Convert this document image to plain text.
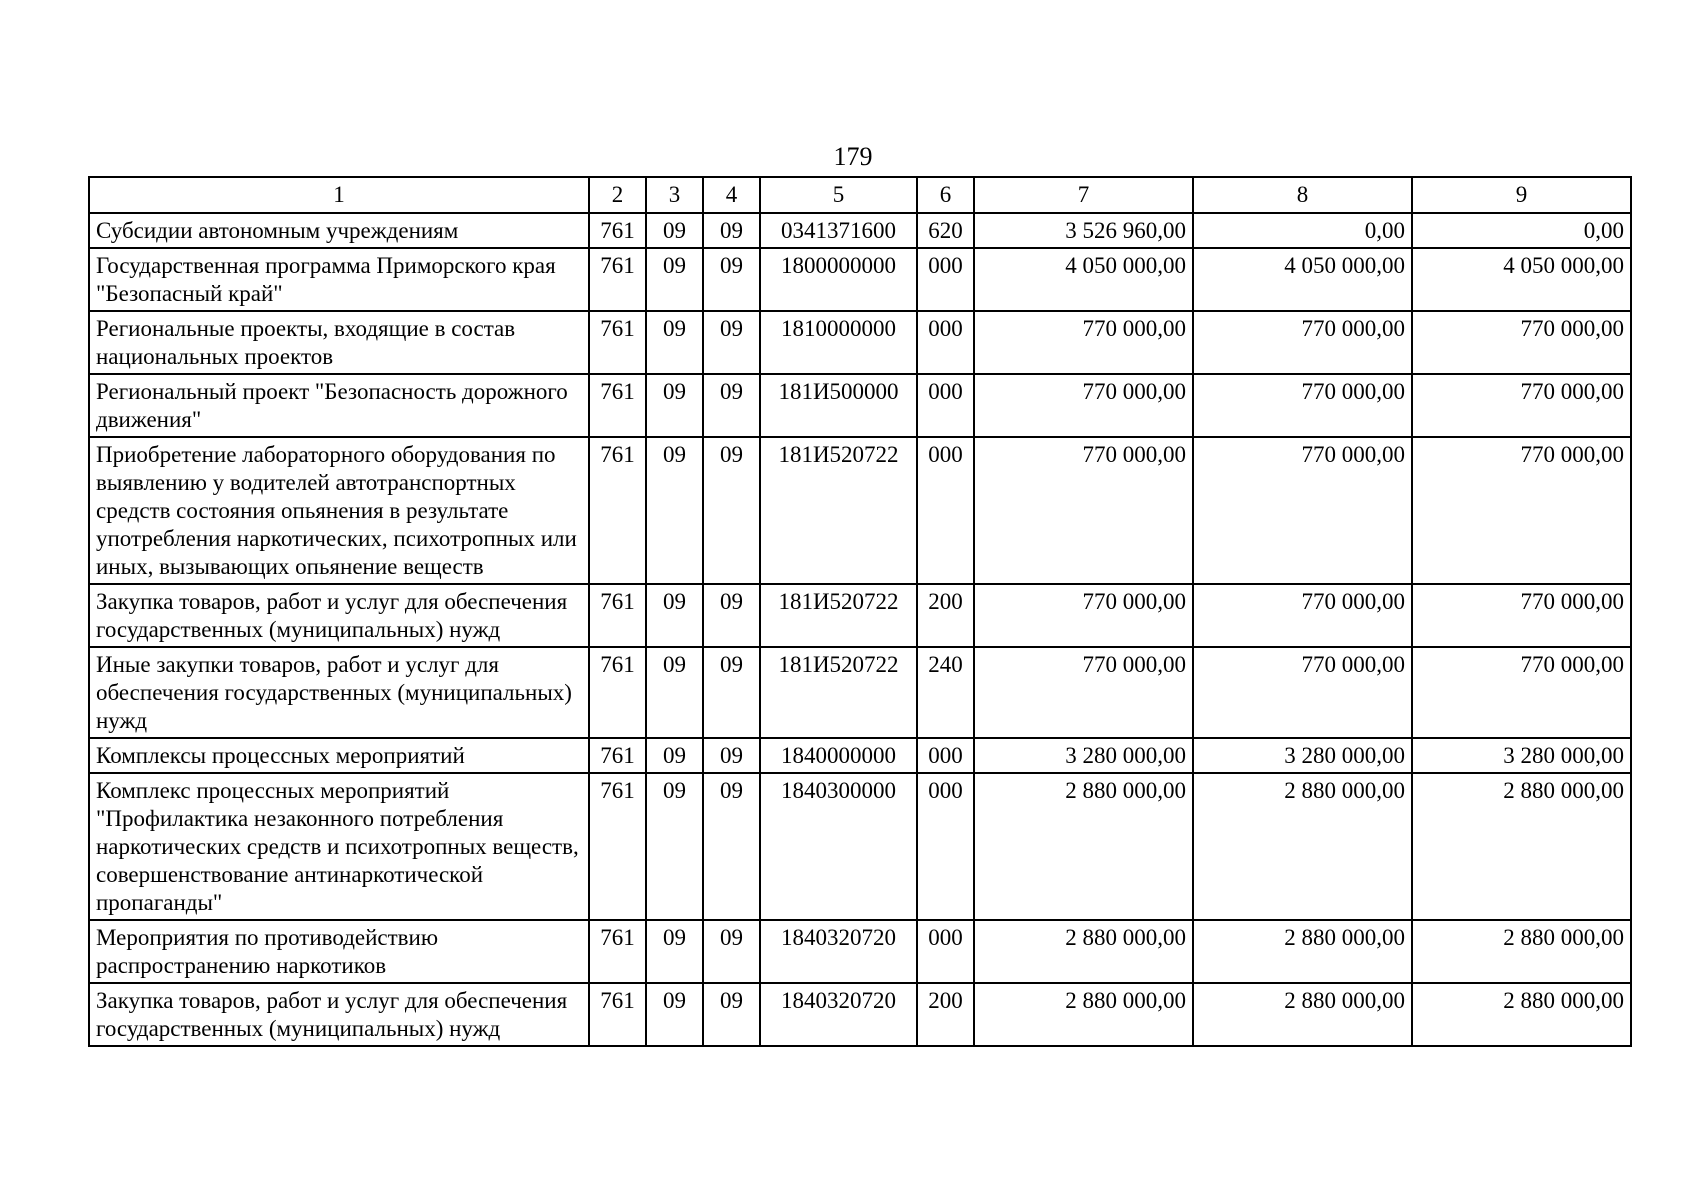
179
1	2	3	4	5	6	7	8	9
Субсидии автономным учреждениям	761	09	09	0341371600	620	3 526 960,00	0,00	0,00
Государственная программа Приморского края "Безопасный край"	761	09	09	1800000000	000	4 050 000,00	4 050 000,00	4 050 000,00
Региональные проекты, входящие в состав национальных проектов	761	09	09	1810000000	000	770 000,00	770 000,00	770 000,00
Региональный проект "Безопасность дорожного движения"	761	09	09	181И500000	000	770 000,00	770 000,00	770 000,00
Приобретение лабораторного оборудования по выявлению у водителей автотранспортных средств состояния опьянения в результате употребления наркотических, психотропных или иных, вызывающих опьянение веществ	761	09	09	181И520722	000	770 000,00	770 000,00	770 000,00
Закупка товаров, работ и услуг для обеспечения государственных (муниципальных) нужд	761	09	09	181И520722	200	770 000,00	770 000,00	770 000,00
Иные закупки товаров, работ и услуг для обеспечения государственных (муниципальных) нужд	761	09	09	181И520722	240	770 000,00	770 000,00	770 000,00
Комплексы процессных мероприятий	761	09	09	1840000000	000	3 280 000,00	3 280 000,00	3 280 000,00
Комплекс процессных мероприятий "Профилактика незаконного потребления наркотических средств и психотропных веществ, совершенствование антинаркотической пропаганды"	761	09	09	1840300000	000	2 880 000,00	2 880 000,00	2 880 000,00
Мероприятия по противодействию распространению наркотиков	761	09	09	1840320720	000	2 880 000,00	2 880 000,00	2 880 000,00
Закупка товаров, работ и услуг для обеспечения государственных (муниципальных) нужд	761	09	09	1840320720	200	2 880 000,00	2 880 000,00	2 880 000,00
